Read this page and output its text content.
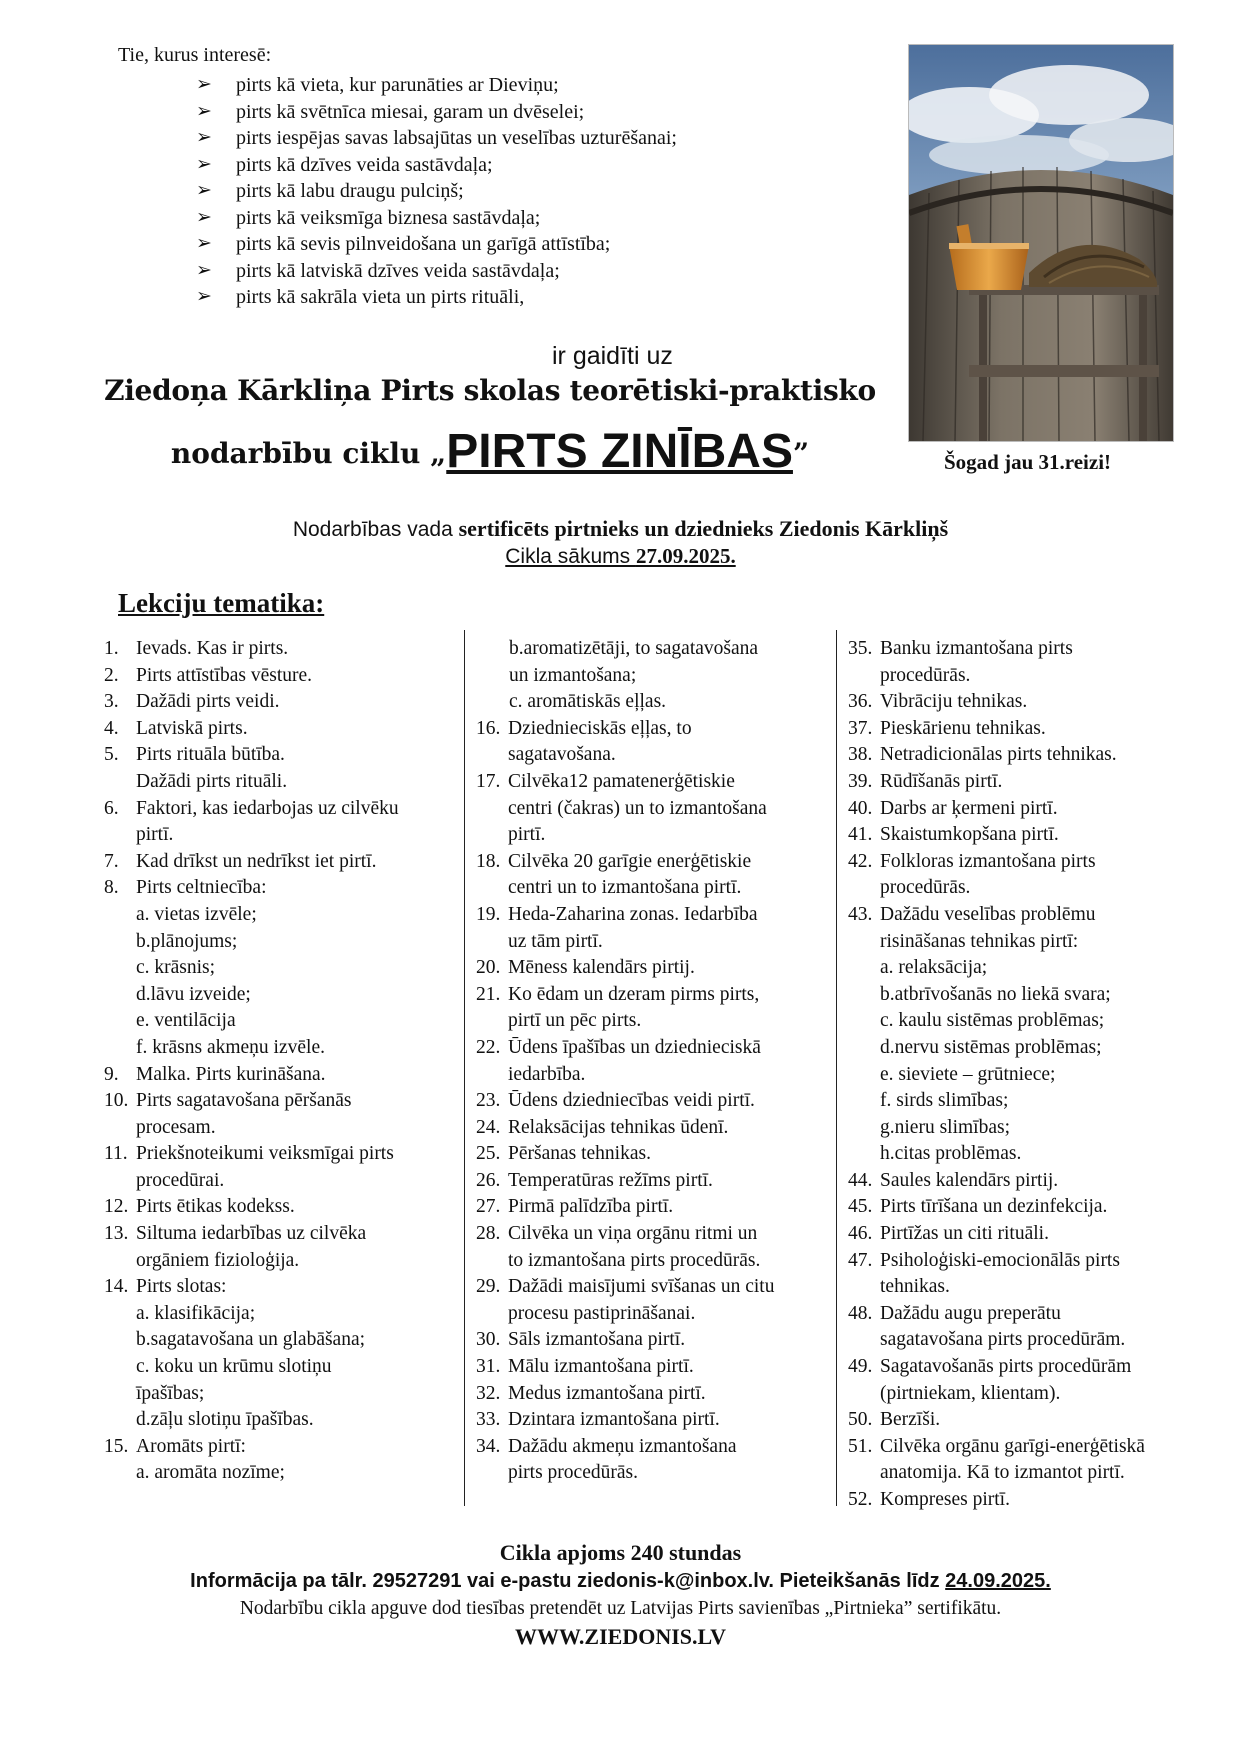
Tie, kurus interesē:
➢ pirts kā vieta, kur parunāties ar Dieviņu;
➢ pirts kā svētnīca miesai, garam un dvēselei;
➢ pirts iespējas savas labsajūtas un veselības uzturēšanai;
➢ pirts kā dzīves veida sastāvdaļa;
➢ pirts kā labu draugu pulciņš;
➢ pirts kā veiksmīga biznesa sastāvdaļa;
➢ pirts kā sevis pilnveidošana un garīgā attīstība;
➢ pirts kā latviskā dzīves veida sastāvdaļa;
➢ pirts kā sakrāla vieta un pirts rituāli,
Šogad jau 31.reizi!
ir gaidīti uz
Ziedoņa Kārkliņa Pirts skolas teorētiski-praktisko
nodarbību ciklu „PIRTS ZINĪBAS”
Nodarbības vada sertificēts pirtnieks un dziednieks Ziedonis Kārkliņš
Cikla sākums 27.09.2025.
Lekciju tematika:
1. Ievads. Kas ir pirts.
2. Pirts attīstības vēsture.
3. Dažādi pirts veidi.
4. Latviskā pirts.
5. Pirts rituāla būtība.
Dažādi pirts rituāli.
6. Faktori, kas iedarbojas uz cilvēku
pirtī.
7. Kad drīkst un nedrīkst iet pirtī.
8. Pirts celtniecība:
a. vietas izvēle;
b.plānojums;
c. krāsnis;
d.lāvu izveide;
e. ventilācija
f. krāsns akmeņu izvēle.
9. Malka. Pirts kurināšana.
10. Pirts sagatavošana pēršanās
procesam.
11. Priekšnoteikumi veiksmīgai pirts
procedūrai.
12. Pirts ētikas kodekss.
13. Siltuma iedarbības uz cilvēka
orgāniem fizioloģija.
14. Pirts slotas:
a. klasifikācija;
b.sagatavošana un glabāšana;
c. koku un krūmu slotiņu
īpašības;
d.zāļu slotiņu īpašības.
15. Aromāts pirtī:
a. aromāta nozīme;
b.aromatizētāji, to sagatavošana
un izmantošana;
c. aromātiskās eļļas.
16. Dziednieciskās eļļas, to
sagatavošana.
17. Cilvēka12 pamatenerģētiskie
centri (čakras) un to izmantošana
pirtī.
18. Cilvēka 20 garīgie enerģētiskie
centri un to izmantošana pirtī.
19. Heda-Zaharina zonas. Iedarbība
uz tām pirtī.
20. Mēness kalendārs pirtij.
21. Ko ēdam un dzeram pirms pirts,
pirtī un pēc pirts.
22. Ūdens īpašības un dziednieciskā
iedarbība.
23. Ūdens dziedniecības veidi pirtī.
24. Relaksācijas tehnikas ūdenī.
25. Pēršanas tehnikas.
26. Temperatūras režīms pirtī.
27. Pirmā palīdzība pirtī.
28. Cilvēka un viņa orgānu ritmi un
to izmantošana pirts procedūrās.
29. Dažādi maisījumi svīšanas un citu
procesu pastiprināšanai.
30. Sāls izmantošana pirtī.
31. Mālu izmantošana pirtī.
32. Medus izmantošana pirtī.
33. Dzintara izmantošana pirtī.
34. Dažādu akmeņu izmantošana
pirts procedūrās.
35. Banku izmantošana pirts
procedūrās.
36. Vibrāciju tehnikas.
37. Pieskārienu tehnikas.
38. Netradicionālas pirts tehnikas.
39. Rūdīšanās pirtī.
40. Darbs ar ķermeni pirtī.
41. Skaistumkopšana pirtī.
42. Folkloras izmantošana pirts
procedūrās.
43. Dažādu veselības problēmu
risināšanas tehnikas pirtī:
a. relaksācija;
b.atbrīvošanās no liekā svara;
c. kaulu sistēmas problēmas;
d.nervu sistēmas problēmas;
e. sieviete – grūtniece;
f. sirds slimības;
g.nieru slimības;
h.citas problēmas.
44. Saules kalendārs pirtij.
45. Pirts tīrīšana un dezinfekcija.
46. Pirtīžas un citi rituāli.
47. Psiholoģiski-emocionālās pirts
tehnikas.
48. Dažādu augu preperātu
sagatavošana pirts procedūrām.
49. Sagatavošanās pirts procedūrām
(pirtniekam, klientam).
50. Berzīši.
51. Cilvēka orgānu garīgi-enerģētiskā
anatomija. Kā to izmantot pirtī.
52. Kompreses pirtī.
Cikla apjoms 240 stundas
Informācija pa tālr. 29527291 vai e-pastu ziedonis-k@inbox.lv. Pieteikšanās līdz 24.09.2025.
Nodarbību cikla apguve dod tiesības pretendēt uz Latvijas Pirts savienības „Pirtnieka” sertifikātu.
WWW.ZIEDONIS.LV
